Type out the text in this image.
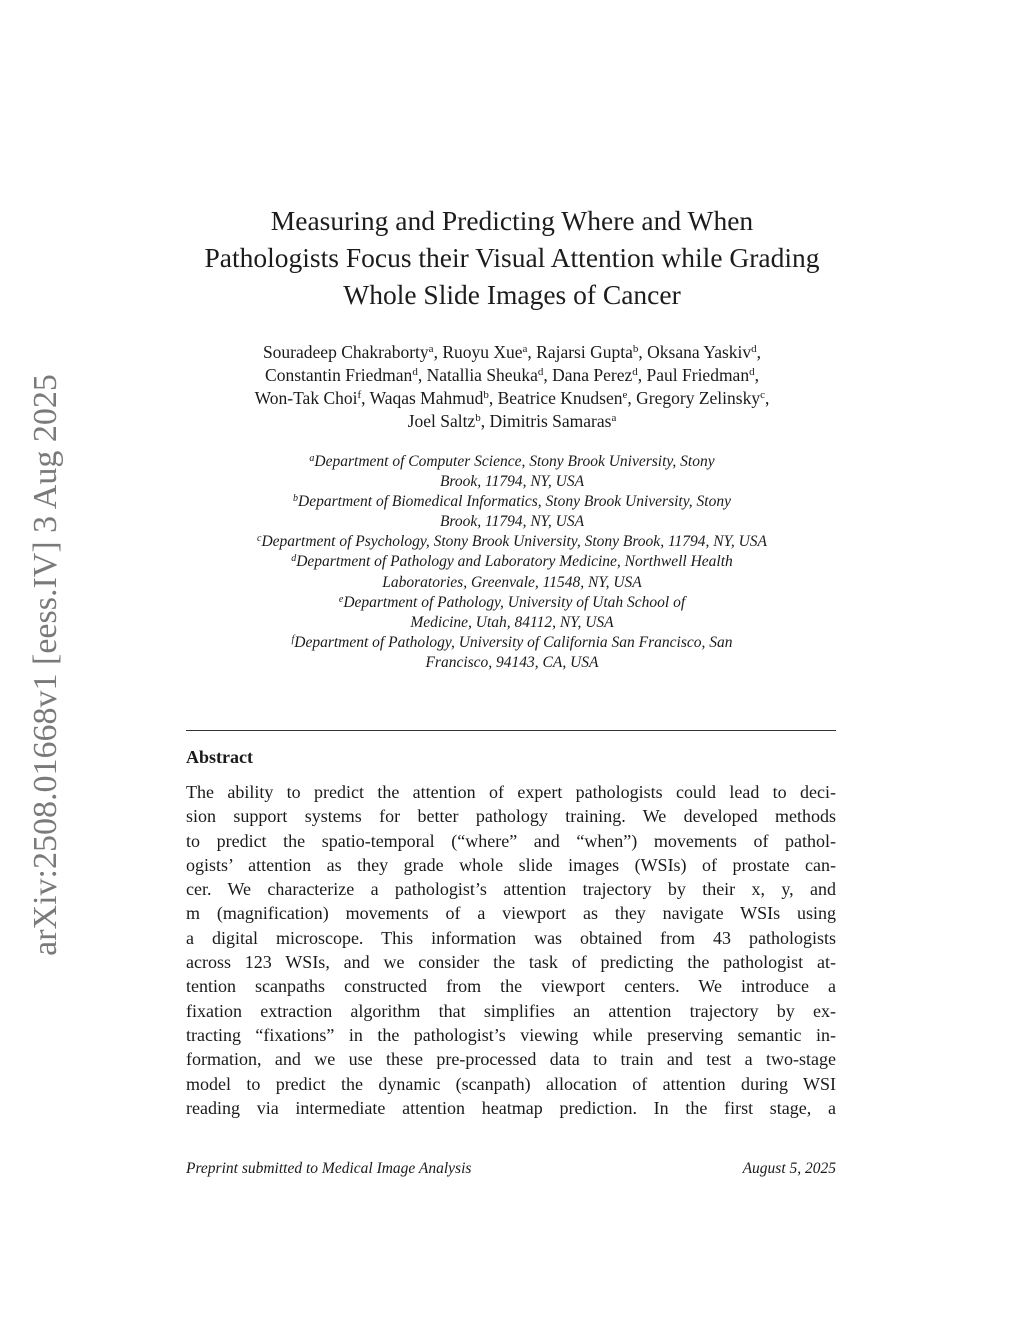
arXiv:2508.01668v1 [eess.IV] 3 Aug 2025
Measuring and Predicting Where and When
Pathologists Focus their Visual Attention while Grading
Whole Slide Images of Cancer
Souradeep Chakraborty$^a$, Ruoyu Xue$^a$, Rajarsi Gupta$^b$, Oksana Yaskiv$^d$,
Constantin Friedman$^d$, Natallia Sheuka$^d$, Dana Perez$^d$, Paul Friedman$^d$,
Won-Tak Choi$^f$, Waqas Mahmud$^b$, Beatrice Knudsen$^e$, Gregory Zelinsky$^c$,
Joel Saltz$^b$, Dimitris Samaras$^a$
$^a$Department of Computer Science, Stony Brook University, Stony
Brook, 11794, NY, USA
$^b$Department of Biomedical Informatics, Stony Brook University, Stony
Brook, 11794, NY, USA
$^c$Department of Psychology, Stony Brook University, Stony Brook, 11794, NY, USA
$^d$Department of Pathology and Laboratory Medicine, Northwell Health
Laboratories, Greenvale, 11548, NY, USA
$^e$Department of Pathology, University of Utah School of
Medicine, Utah, 84112, NY, USA
$^f$Department of Pathology, University of California San Francisco, San
Francisco, 94143, CA, USA
Abstract
The ability to predict the attention of expert pathologists could lead to deci-
sion support systems for better pathology training. We developed methods
to predict the spatio-temporal (“where” and “when”) movements of pathol-
ogists’ attention as they grade whole slide images (WSIs) of prostate can-
cer. We characterize a pathologist’s attention trajectory by their x, y, and
m (magnification) movements of a viewport as they navigate WSIs using
a digital microscope. This information was obtained from 43 pathologists
across 123 WSIs, and we consider the task of predicting the pathologist at-
tention scanpaths constructed from the viewport centers. We introduce a
fixation extraction algorithm that simplifies an attention trajectory by ex-
tracting “fixations” in the pathologist’s viewing while preserving semantic in-
formation, and we use these pre-processed data to train and test a two-stage
model to predict the dynamic (scanpath) allocation of attention during WSI
reading via intermediate attention heatmap prediction. In the first stage, a
Preprint submitted to Medical Image Analysis	August 5, 2025
